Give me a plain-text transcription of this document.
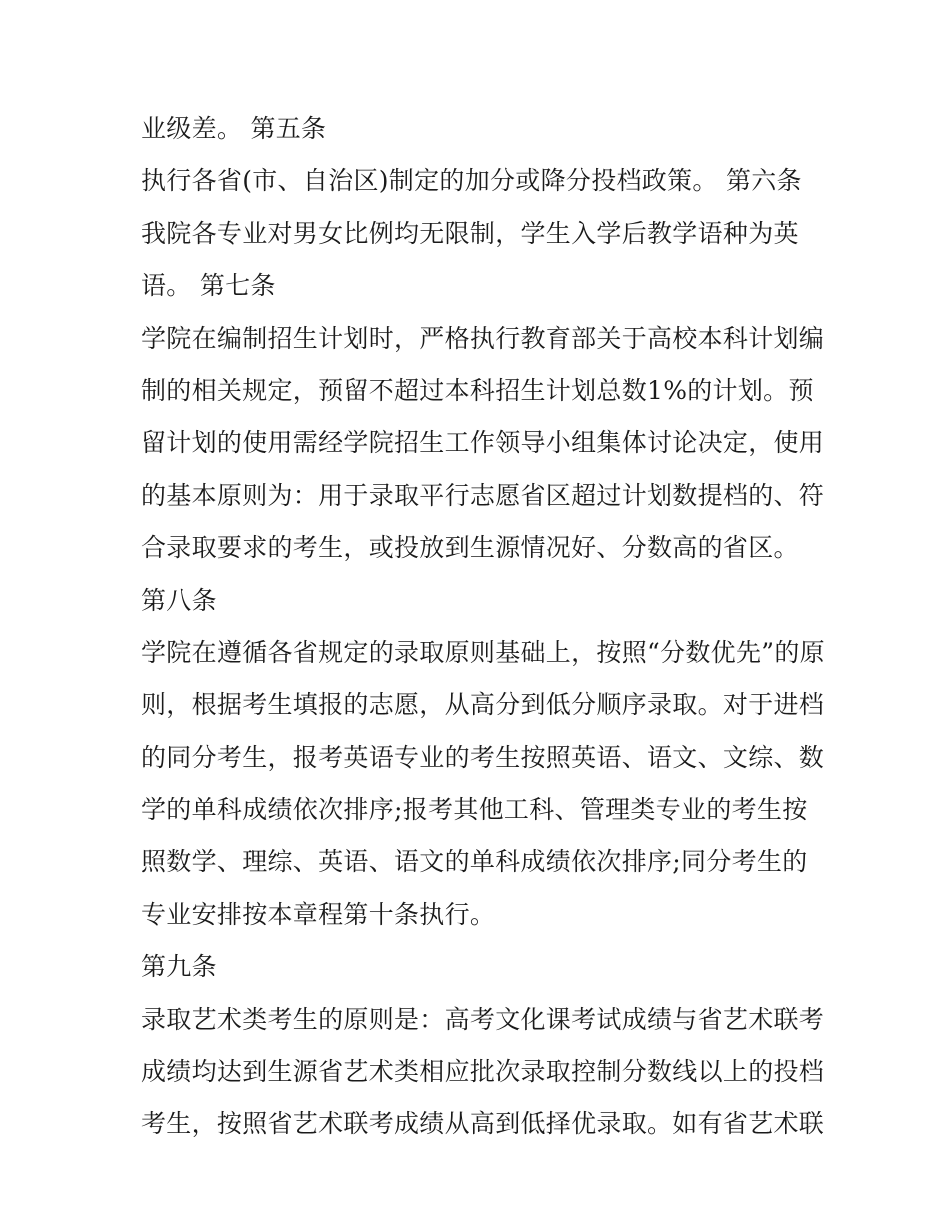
业级差。 第五条
执行各省(市、自治区)制定的加分或降分投档政策。 第六条
我院各专业对男女比例均无限制，学生入学后教学语种为英
语。 第七条
学院在编制招生计划时，严格执行教育部关于高校本科计划编
制的相关规定，预留不超过本科招生计划总数1%的计划。预
留计划的使用需经学院招生工作领导小组集体讨论决定，使用
的基本原则为：用于录取平行志愿省区超过计划数提档的、符
合录取要求的考生，或投放到生源情况好、分数高的省区。
第八条
学院在遵循各省规定的录取原则基础上，按照“分数优先”的原
则，根据考生填报的志愿，从高分到低分顺序录取。对于进档
的同分考生，报考英语专业的考生按照英语、语文、文综、数
学的单科成绩依次排序;报考其他工科、管理类专业的考生按
照数学、理综、英语、语文的单科成绩依次排序;同分考生的
专业安排按本章程第十条执行。
第九条
录取艺术类考生的原则是：高考文化课考试成绩与省艺术联考
成绩均达到生源省艺术类相应批次录取控制分数线以上的投档
考生，按照省艺术联考成绩从高到低择优录取。如有省艺术联
